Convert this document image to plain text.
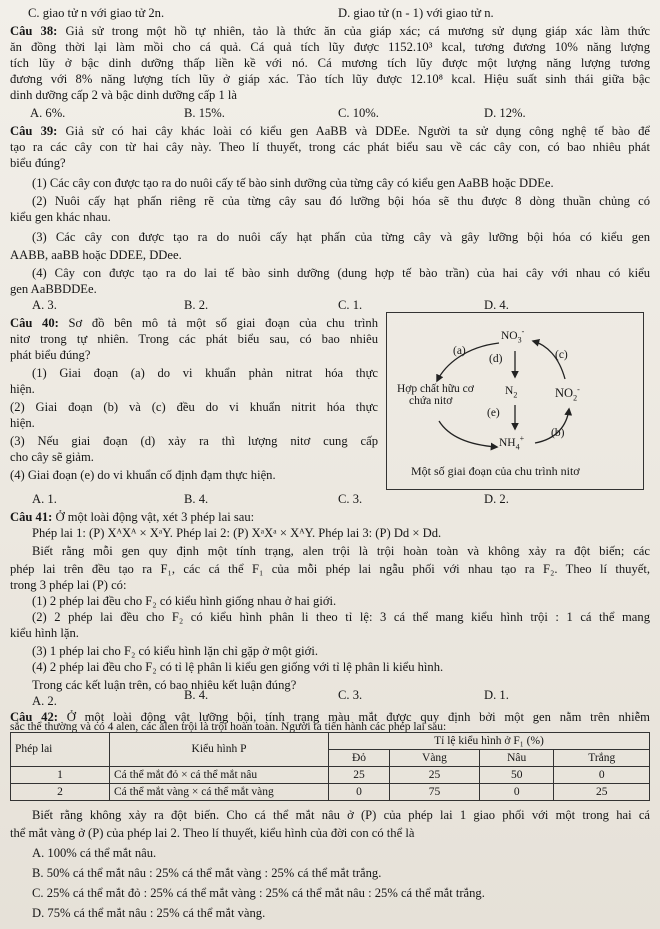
C. giao tử n với giao tử 2n.	D. giao tử (n - 1) với giao tử n.
Câu 38: Giả sử trong một hồ tự nhiên, tảo là thức ăn của giáp xác; cá mương sử dụng giáp xác làm thức
ăn đồng thời lại làm mồi cho cá quả. Cá quả tích lũy được 1152.10³ kcal, tương đương 10% năng lượng
tích lũy ở bậc dinh dưỡng thấp liền kề với nó. Cá mương tích lũy được một lượng năng lượng tương
đương với 8% năng lượng tích lũy ở giáp xác. Tảo tích lũy được 12.10⁸ kcal. Hiệu suất sinh thái giữa bậc
dinh dưỡng cấp 2 và bậc dinh dưỡng cấp 1 là
A. 6%.	B. 15%.	C. 10%.	D. 12%.
Câu 39: Giả sử có hai cây khác loài có kiểu gen AaBB và DDEe. Người ta sử dụng công nghệ tế bào để
tạo ra các cây con từ hai cây này. Theo lí thuyết, trong các phát biểu sau về các cây con, có bao nhiêu phát
biểu đúng?
(1) Các cây con được tạo ra do nuôi cấy tế bào sinh dưỡng của từng cây có kiểu gen AaBB hoặc DDEe.
(2) Nuôi cấy hạt phấn riêng rẽ của từng cây sau đó lưỡng bội hóa sẽ thu được 8 dòng thuần chủng có
kiểu gen khác nhau.
(3) Các cây con được tạo ra do nuôi cấy hạt phấn của từng cây và gây lưỡng bội hóa có kiểu gen
AABB, aaBB hoặc DDEE, DDee.
(4) Cây con được tạo ra do lai tế bào sinh dưỡng (dung hợp tế bào trần) của hai cây với nhau có kiểu
gen AaBBDDEe.
A. 3.	B. 2.	C. 1.	D. 4.
Câu 40: Sơ đồ bên mô tả một số giai đoạn của chu trình
nitơ trong tự nhiên. Trong các phát biểu sau, có bao nhiêu
phát biểu đúng?
(1) Giai đoạn (a) do vi khuẩn phản nitrat hóa thực
hiện.
(2) Giai đoạn (b) và (c) đều do vi khuẩn nitrit hóa thực
hiện.
(3) Nếu giai đoạn (d) xảy ra thì lượng nitơ cung cấp
cho cây sẽ giảm.
(4) Giai đoạn (e) do vi khuẩn cố định đạm thực hiện.
A. 1.	B. 4.	C. 3.	D. 2.
$NO_3^-$
(a)
(d)	(c)
Hợp chất hữu cơ
chứa nitơ
$N_2$	$NO_2^-$
(e)
(b)
$NH_4^+$
Một số giai đoạn của chu trình nitơ
Câu 41: Ở một loài động vật, xét 3 phép lai sau:
Phép lai 1: (P) XᴬXᴬ × XᵃY. Phép lai 2: (P) XᵃXᵃ × XᴬY. Phép lai 3: (P) Dd × Dd.
Biết rằng mỗi gen quy định một tính trạng, alen trội là trội hoàn toàn và không xảy ra đột biến; các
phép lai trên đều tạo ra F₁, các cá thể F₁ của mỗi phép lai ngẫu phối với nhau tạo ra F₂. Theo lí thuyết,
trong 3 phép lai (P) có:
(1) 2 phép lai đều cho F₂ có kiểu hình giống nhau ở hai giới.
(2) 2 phép lai đều cho F₂ có kiểu hình phân li theo tỉ lệ: 3 cá thể mang kiểu hình trội : 1 cá thể mang
kiểu hình lặn.
(3) 1 phép lai cho F₂ có kiểu hình lặn chỉ gặp ở một giới.
(4) 2 phép lai đều cho F₂ có tỉ lệ phân li kiểu gen giống với tỉ lệ phân li kiểu hình.
Trong các kết luận trên, có bao nhiêu kết luận đúng?
A. 2.	B. 4.	C. 3.	D. 1.
Câu 42: Ở một loài động vật lưỡng bội, tính trạng màu mắt được quy định bởi một gen nằm trên nhiễm
sắc thể thường và có 4 alen, các alen trội là trội hoàn toàn. Người ta tiến hành các phép lai sau:
Phép lai	Kiểu hình P	Tỉ lệ kiểu hình ở F₁ (%)			
		Đỏ	Vàng	Nâu	Trắng
1	Cá thể mắt đỏ × cá thể mắt nâu	25	25	50	0
2	Cá thể mắt vàng × cá thể mắt vàng	0	75	0	25
Biết rằng không xảy ra đột biến. Cho cá thể mắt nâu ở (P) của phép lai 1 giao phối với một trong hai cá
thể mắt vàng ở (P) của phép lai 2. Theo lí thuyết, kiểu hình của đời con có thể là
A. 100% cá thể mắt nâu.
B. 50% cá thể mắt nâu : 25% cá thể mắt vàng : 25% cá thể mắt trắng.
C. 25% cá thể mắt đỏ : 25% cá thể mắt vàng : 25% cá thể mắt nâu : 25% cá thể mắt trắng.
D. 75% cá thể mắt nâu : 25% cá thể mắt vàng.
